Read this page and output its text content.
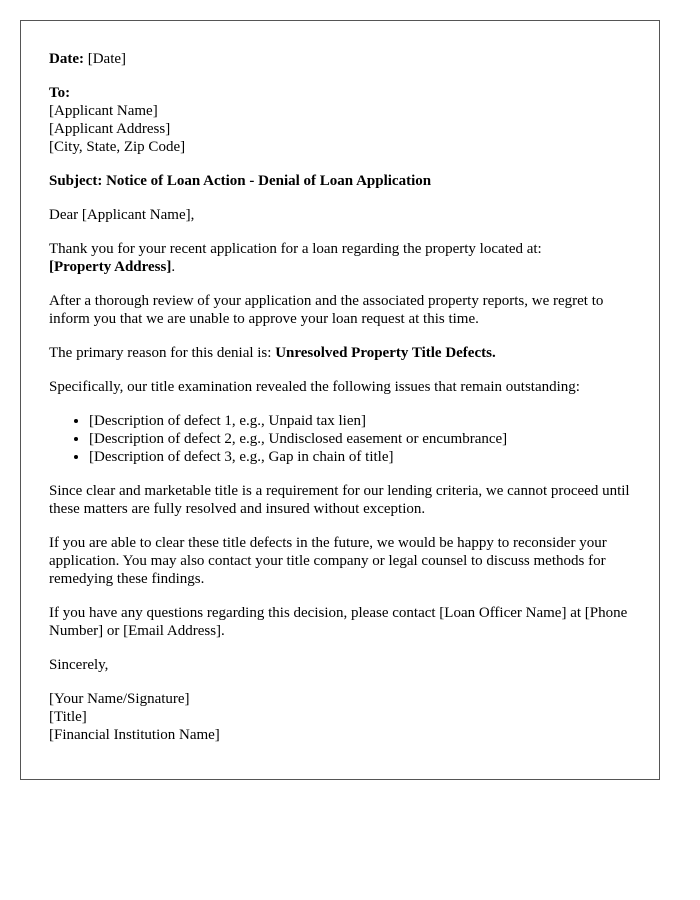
Date: [Date]

To:
[Applicant Name]
[Applicant Address]
[City, State, Zip Code]

Subject: Notice of Loan Action - Denial of Loan Application

Dear [Applicant Name],

Thank you for your recent application for a loan regarding the property located at:
[Property Address].

After a thorough review of your application and the associated property reports, we regret to inform you that we are unable to approve your loan request at this time.

The primary reason for this denial is: Unresolved Property Title Defects.

Specifically, our title examination revealed the following issues that remain outstanding:

• [Description of defect 1, e.g., Unpaid tax lien]
• [Description of defect 2, e.g., Undisclosed easement or encumbrance]
• [Description of defect 3, e.g., Gap in chain of title]

Since clear and marketable title is a requirement for our lending criteria, we cannot proceed until these matters are fully resolved and insured without exception.

If you are able to clear these title defects in the future, we would be happy to reconsider your application. You may also contact your title company or legal counsel to discuss methods for remedying these findings.

If you have any questions regarding this decision, please contact [Loan Officer Name] at [Phone Number] or [Email Address].

Sincerely,

[Your Name/Signature]
[Title]
[Financial Institution Name]
